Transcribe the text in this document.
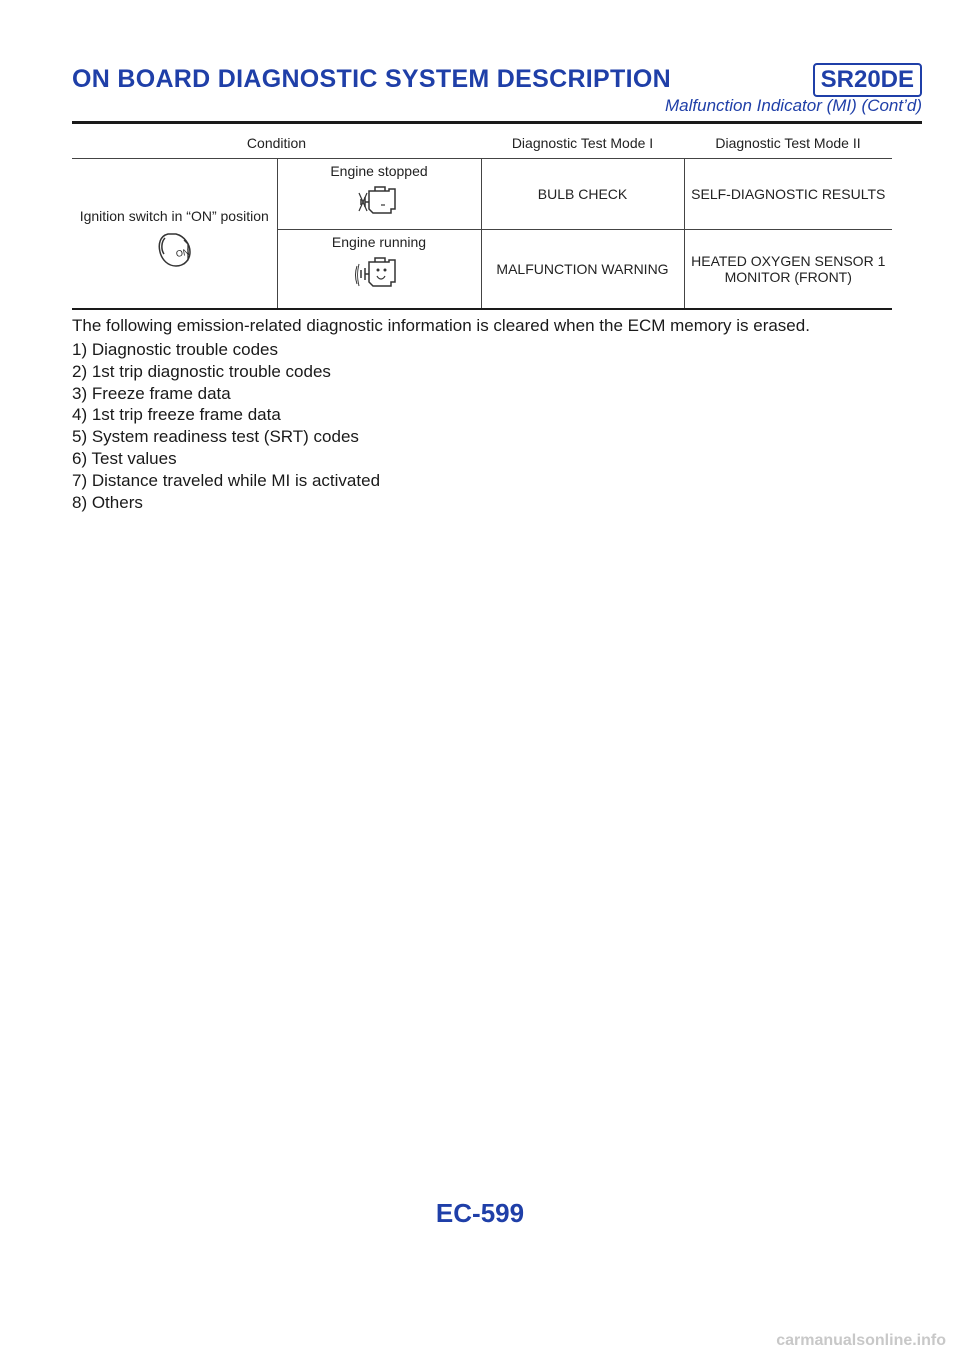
ON BOARD DIAGNOSTIC SYSTEM DESCRIPTION	SR20DE
Malfunction Indicator (MI) (Cont’d)
Condition		Diagnostic Test Mode I	Diagnostic Test Mode II

Ignition switch in “ON” position
ON	Engine stopped	BULB CHECK	SELF-DIAGNOSTIC RESULTS

	Engine running	MALFUNCTION WARNING	HEATED OXYGEN SENSOR 1
MONITOR (FRONT)
The following emission-related diagnostic information is cleared when the ECM memory is erased.
1) Diagnostic trouble codes
2) 1st trip diagnostic trouble codes
3) Freeze frame data
4) 1st trip freeze frame data
5) System readiness test (SRT) codes
6) Test values
7) Distance traveled while MI is activated
8) Others
EC-599
carmanualsonline.info
